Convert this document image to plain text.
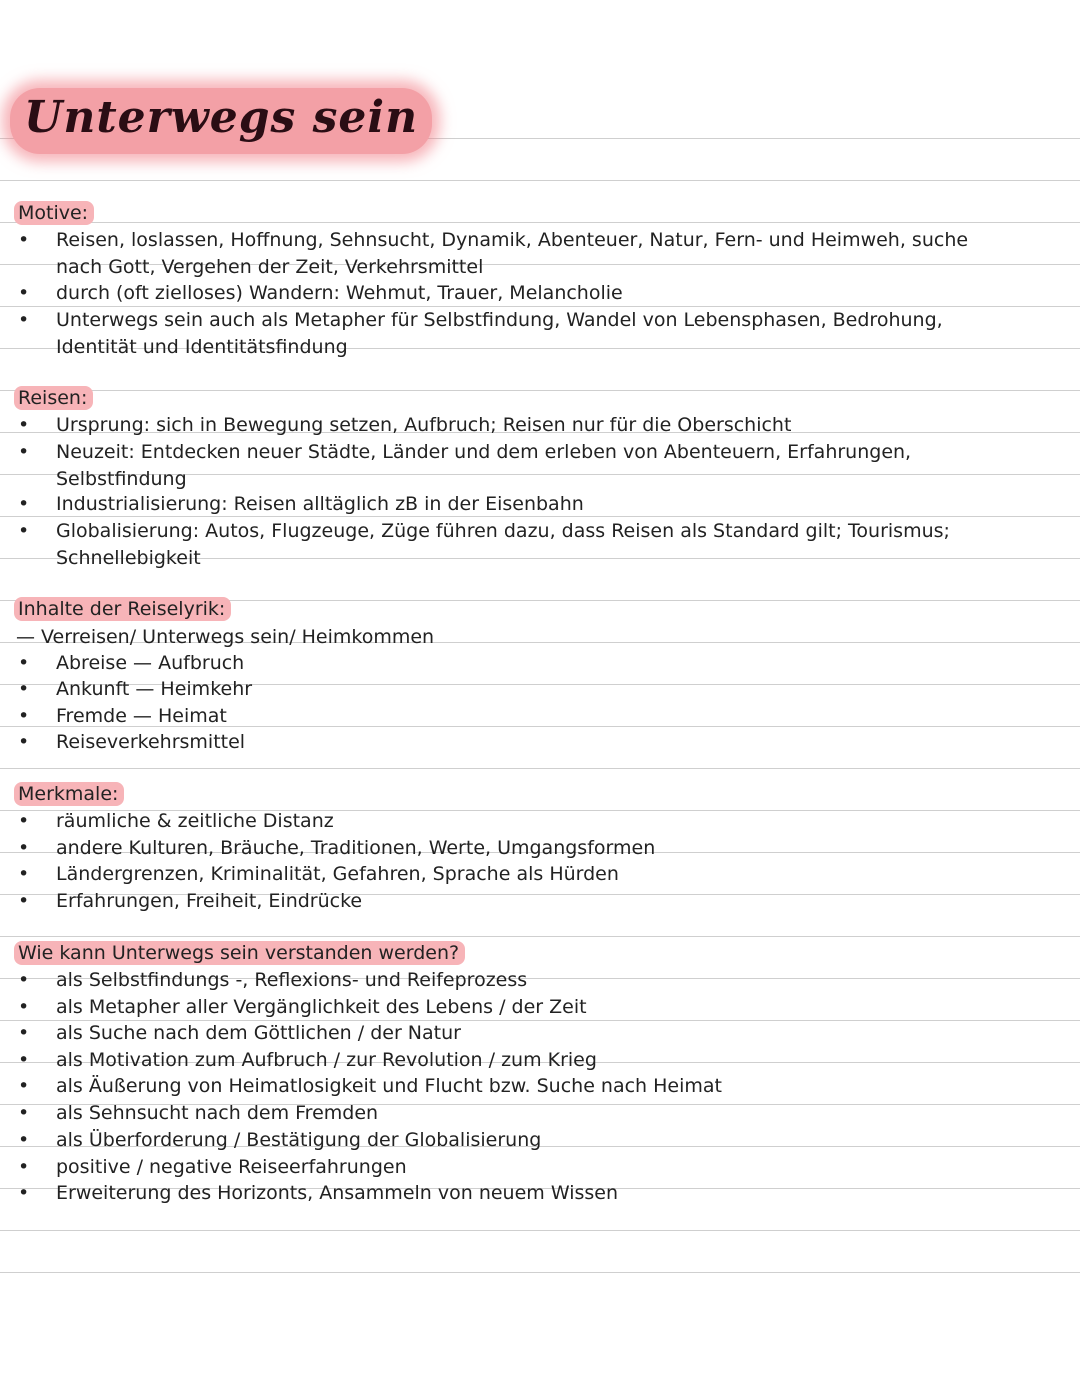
Unterwegs sein
Motive:
•	Reisen, loslassen, Hoffnung, Sehnsucht, Dynamik, Abenteuer, Natur, Fern- und Heimweh, suche nach Gott, Vergehen der Zeit, Verkehrsmittel
•	durch (oft zielloses) Wandern: Wehmut, Trauer, Melancholie
•	Unterwegs sein auch als Metapher für Selbstfindung, Wandel von Lebensphasen, Bedrohung, Identität und Identitätsfindung
Reisen:
•	Ursprung: sich in Bewegung setzen, Aufbruch; Reisen nur für die Oberschicht
•	Neuzeit: Entdecken neuer Städte, Länder und dem erleben von Abenteuern, Erfahrungen, Selbstfindung
•	Industrialisierung: Reisen alltäglich zB in der Eisenbahn
•	Globalisierung: Autos, Flugzeuge, Züge führen dazu, dass Reisen als Standard gilt; Tourismus; Schnellebigkeit
Inhalte der Reiselyrik:
— Verreisen/ Unterwegs sein/ Heimkommen
•	Abreise — Aufbruch
•	Ankunft — Heimkehr
•	Fremde — Heimat
•	Reiseverkehrsmittel
Merkmale:
•	räumliche & zeitliche Distanz
•	andere Kulturen, Bräuche, Traditionen, Werte, Umgangsformen
•	Ländergrenzen, Kriminalität, Gefahren, Sprache als Hürden
•	Erfahrungen, Freiheit, Eindrücke
Wie kann Unterwegs sein verstanden werden?
•	als Selbstfindungs -, Reflexions- und Reifeprozess
•	als Metapher aller Vergänglichkeit des Lebens / der Zeit
•	als Suche nach dem Göttlichen / der Natur
•	als Motivation zum Aufbruch / zur Revolution / zum Krieg
•	als Äußerung von Heimatlosigkeit und Flucht bzw. Suche nach Heimat
•	als Sehnsucht nach dem Fremden
•	als Überforderung / Bestätigung der Globalisierung
•	positive / negative Reiseerfahrungen
•	Erweiterung des Horizonts, Ansammeln von neuem Wissen
